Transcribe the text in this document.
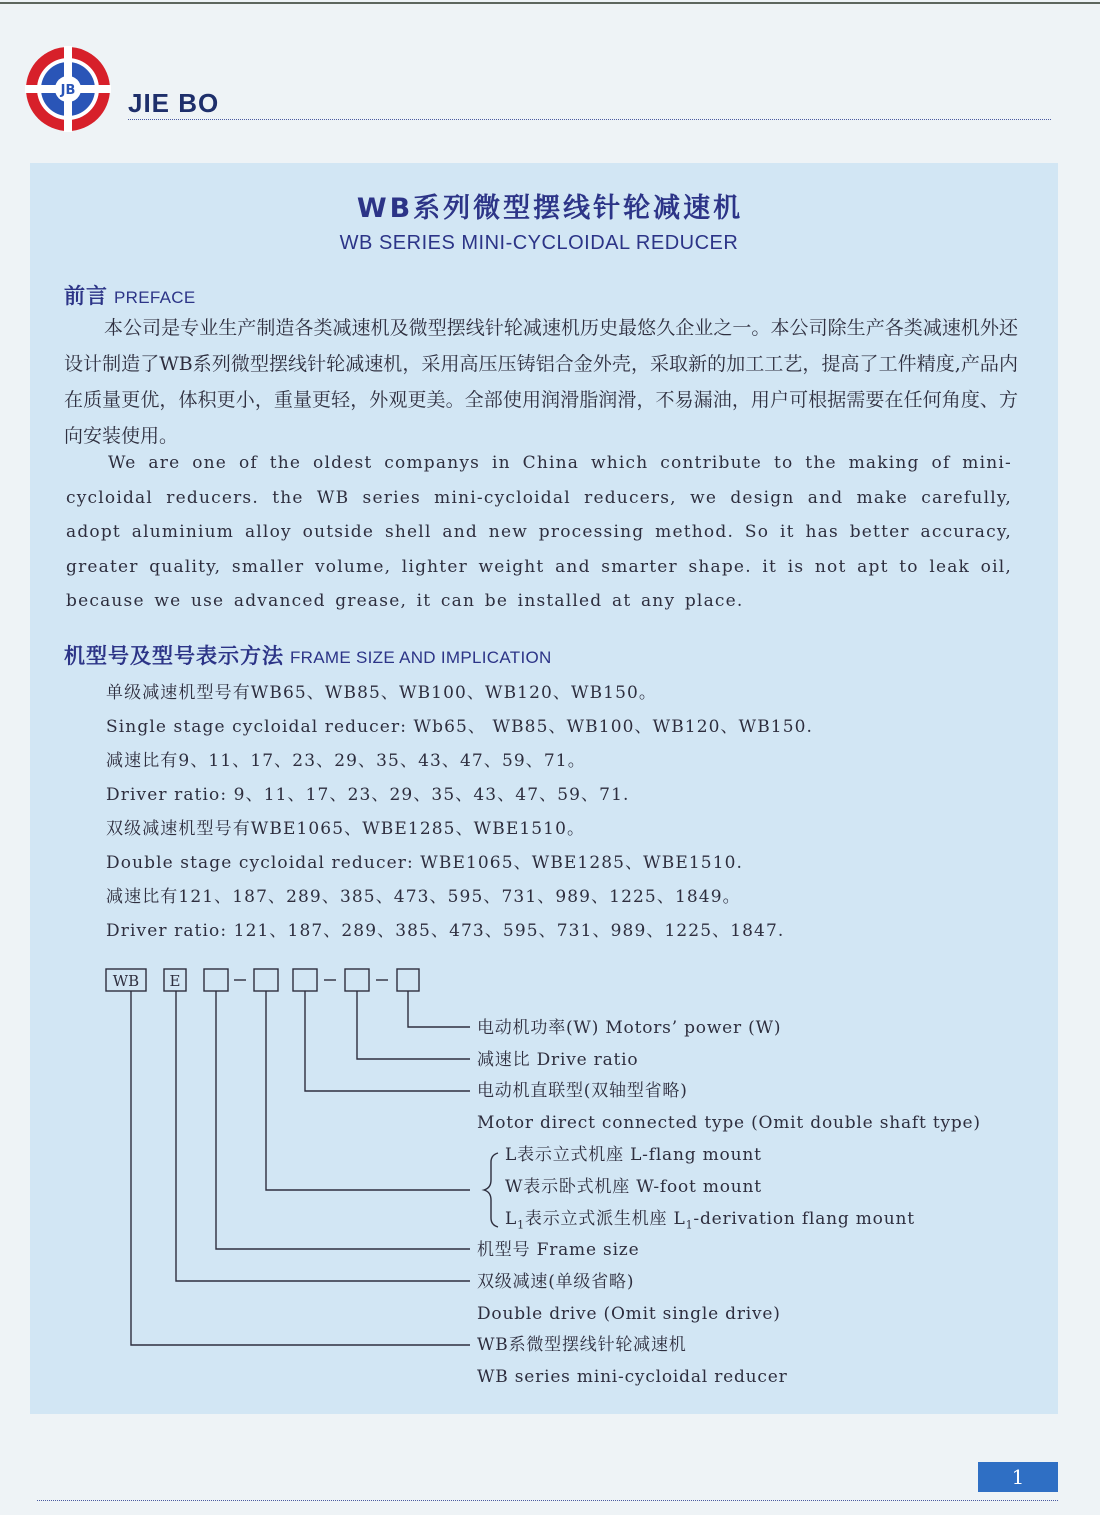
JB JIE BO
WB系列微型摆线针轮减速机
WB SERIES MINI-CYCLOIDAL REDUCER
前言 PREFACE
本公司是专业生产制造各类减速机及微型摆线针轮减速机历史最悠久企业之一。本公司除生产各类减速机外还设计制造了WB系列微型摆线针轮减速机，采用高压压铸铝合金外壳，采取新的加工工艺，提高了工件精度,产品内在质量更优，体积更小，重量更轻，外观更美。全部使用润滑脂润滑，不易漏油，用户可根据需要在任何角度、方向安装使用。
We are one of the oldest companys in China which contribute to the making of mini-cycloidal reducers. the WB series mini-cycloidal reducers, we design and make carefully, adopt aluminium alloy outside shell and new processing method. So it has better accuracy, greater quality, smaller volume, lighter weight and smarter shape. it is not apt to leak oil, because we use advanced grease, it can be installed at any place.
机型号及型号表示方法 FRAME SIZE AND IMPLICATION
单级减速机型号有WB65、WB85、WB100、WB120、WB150。
Single stage cycloidal reducer: Wb65、 WB85、WB100、WB120、WB150.
减速比有9、11、17、23、29、35、43、47、59、71。
Driver ratio: 9、11、17、23、29、35、43、47、59、71.
双级减速机型号有WBE1065、WBE1285、WBE1510。
Double stage cycloidal reducer: WBE1065、WBE1285、WBE1510.
减速比有121、187、289、385、473、595、731、989、1225、1849。
Driver ratio: 121、187、289、385、473、595、731、989、1225、1847.
WB E
电动机功率(W) Motors’ power (W)
减速比 Drive ratio
电动机直联型(双轴型省略)
Motor direct connected type (Omit double shaft type)
L表示立式机座 L-flang mount
W表示卧式机座 W-foot mount
$L_1$表示立式派生机座 $L_1$-derivation flang mount
机型号 Frame size
双级减速(单级省略)
Double drive (Omit single drive)
WB系微型摆线针轮减速机
WB series mini-cycloidal reducer
1
